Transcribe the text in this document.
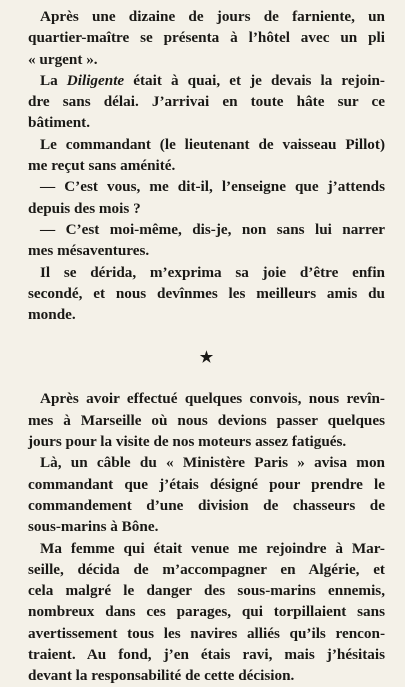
Après une dizaine de jours de farniente, un
quartier-maître se présenta à l’hôtel avec un pli
« urgent ».

La Diligente était à quai, et je devais la rejoin-
dre sans délai. J’arrivai en toute hâte sur ce
bâtiment.

Le commandant (le lieutenant de vaisseau Pillot)
me reçut sans aménité.

— C’est vous, me dit-il, l’enseigne que j’attends
depuis des mois ?

— C’est moi-même, dis-je, non sans lui narrer
mes mésaventures.

Il se dérida, m’exprima sa joie d’être enfin
secondé, et nous devînmes les meilleurs amis du
monde.

★

Après avoir effectué quelques convois, nous revîn-
mes à Marseille où nous devions passer quelques
jours pour la visite de nos moteurs assez fatigués.

Là, un câble du « Ministère Paris » avisa mon
commandant que j’étais désigné pour prendre le
commandement d’une division de chasseurs de
sous-marins à Bône.

Ma femme qui était venue me rejoindre à Mar-
seille, décida de m’accompagner en Algérie, et
cela malgré le danger des sous-marins ennemis,
nombreux dans ces parages, qui torpillaient sans
avertissement tous les navires alliés qu’ils rencon-
traient. Au fond, j’en étais ravi, mais j’hésitais
devant la responsabilité de cette décision.
